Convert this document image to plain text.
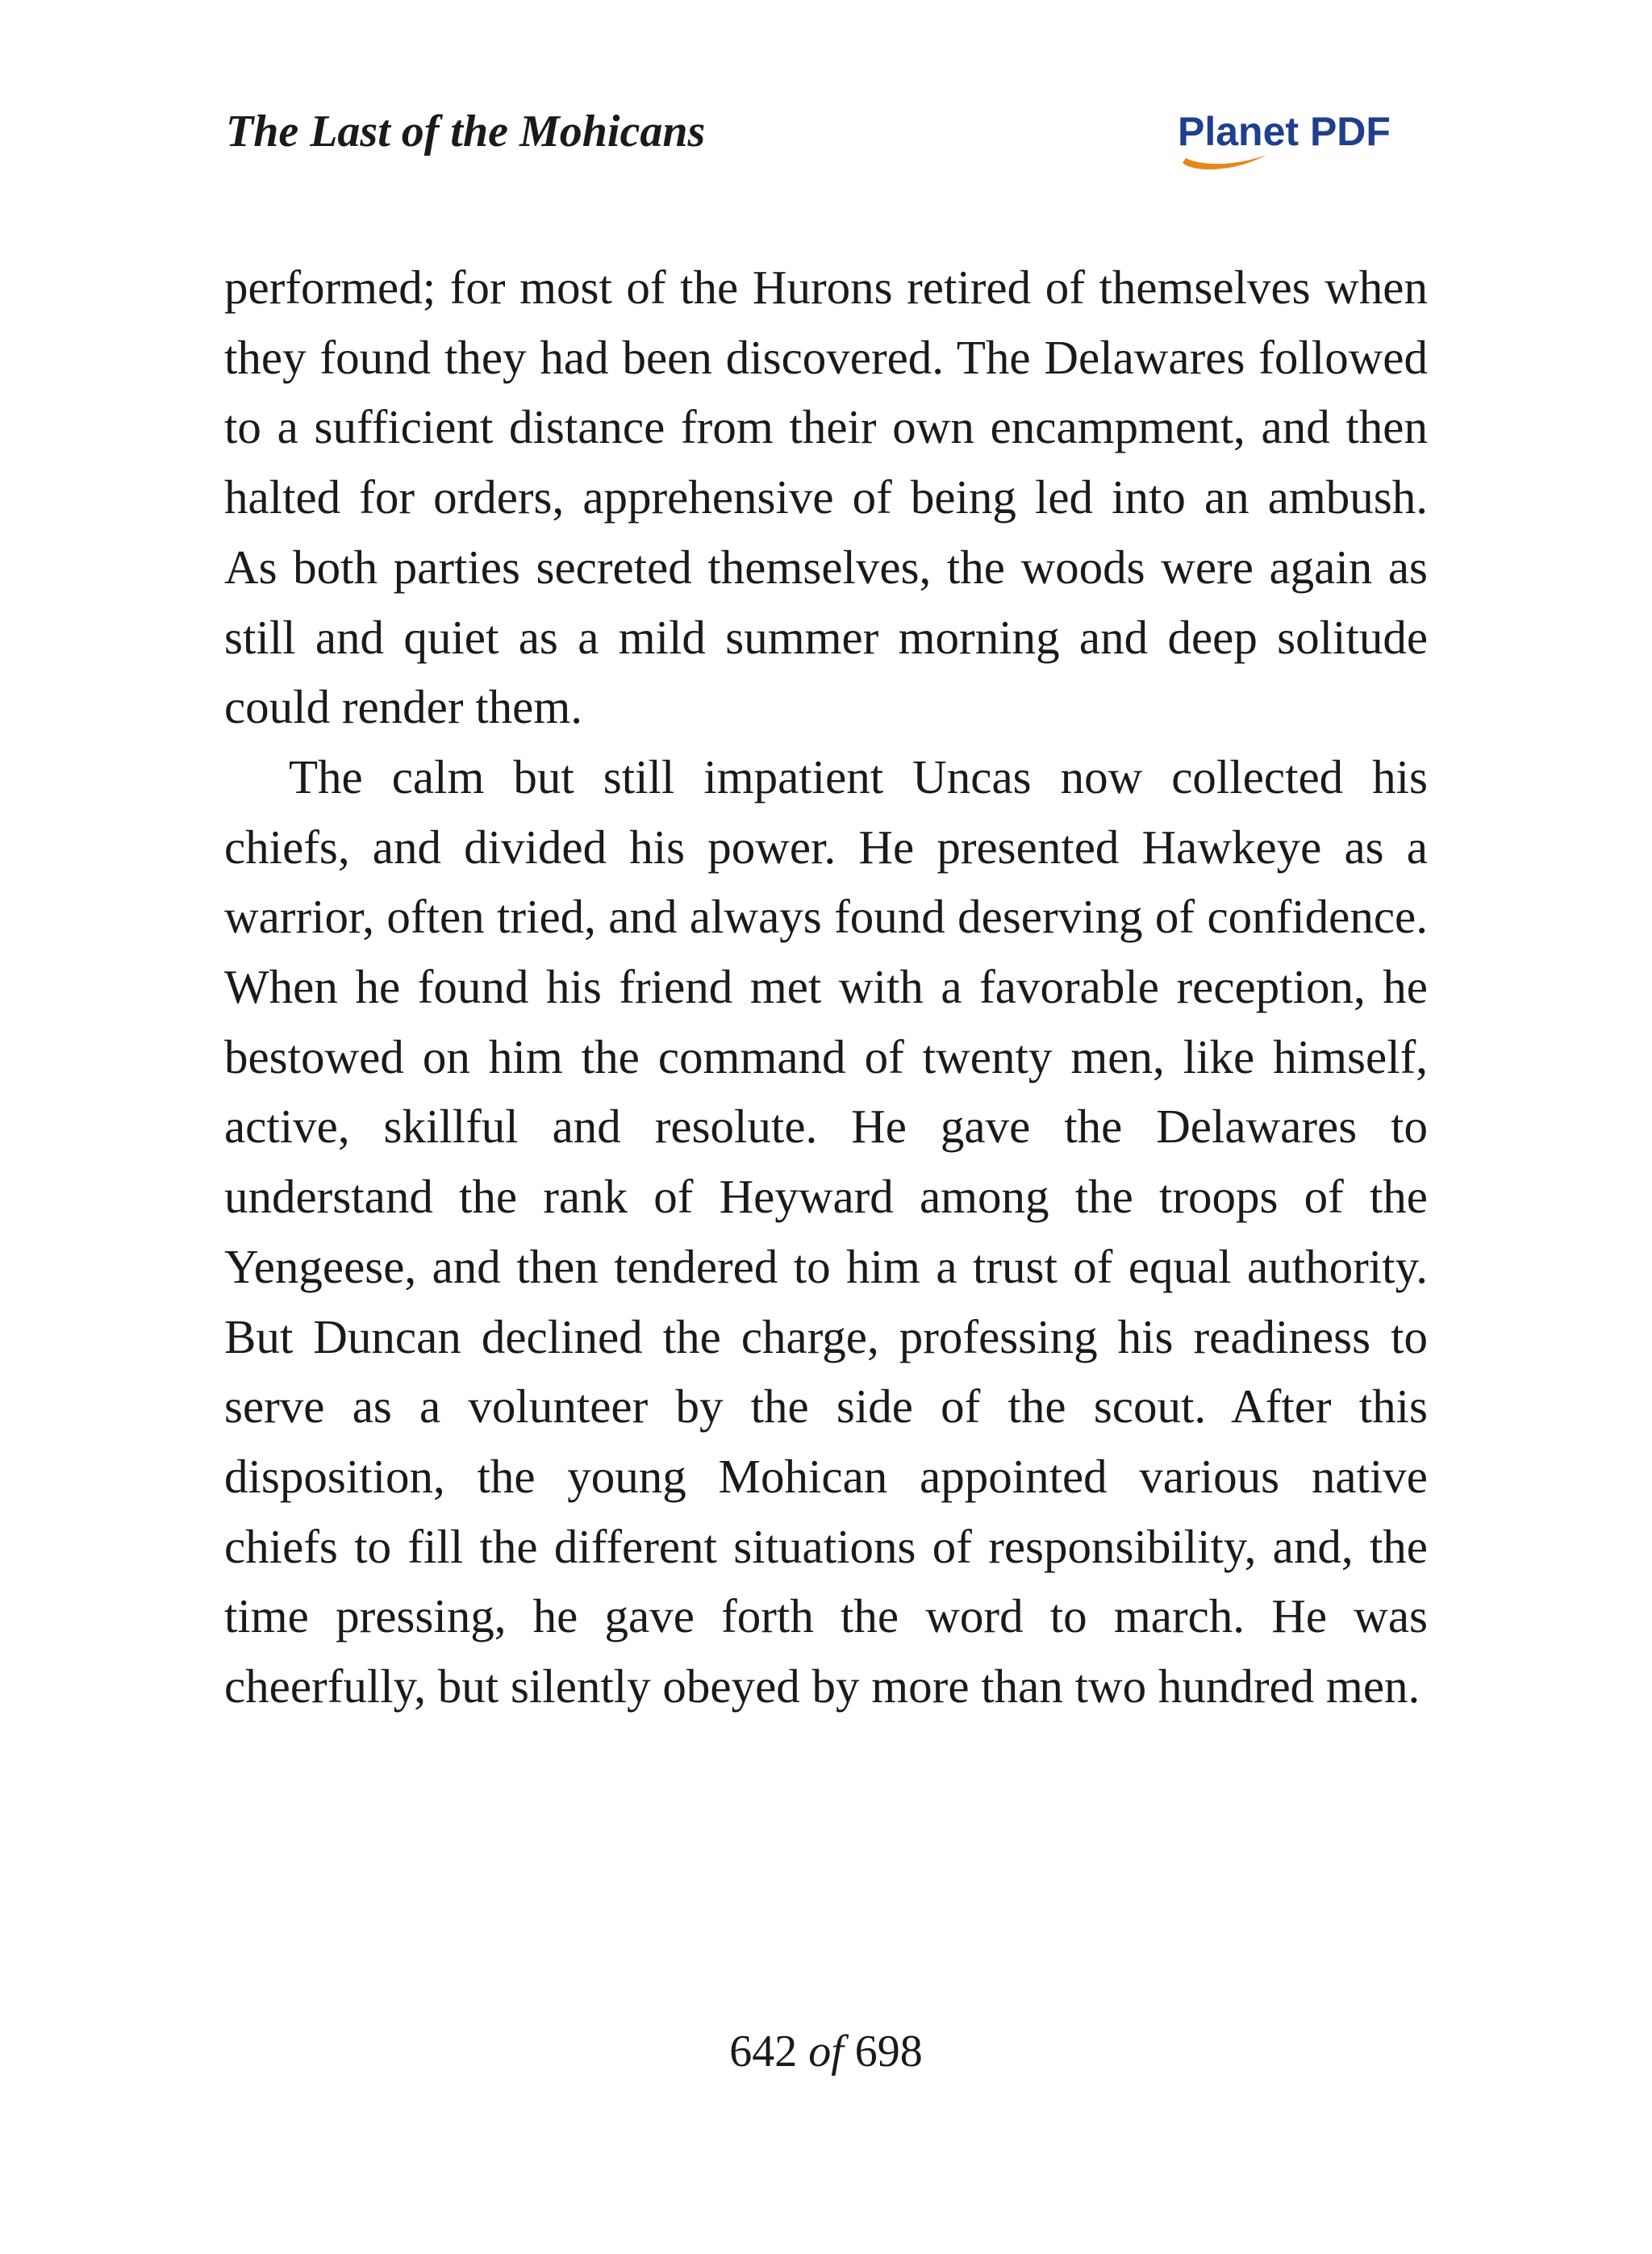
The Last of the Mohicans	Planet PDF

performed; for most of the Hurons retired of themselves when they found they had been discovered. The Delawares followed to a sufficient distance from their own encampment, and then halted for orders, apprehensive of being led into an ambush. As both parties secreted themselves, the woods were again as still and quiet as a mild summer morning and deep solitude could render them.

The calm but still impatient Uncas now collected his chiefs, and divided his power. He presented Hawkeye as a warrior, often tried, and always found deserving of confidence. When he found his friend met with a favorable reception, he bestowed on him the command of twenty men, like himself, active, skillful and resolute. He gave the Delawares to understand the rank of Heyward among the troops of the Yengeese, and then tendered to him a trust of equal authority. But Duncan declined the charge, professing his readiness to serve as a volunteer by the side of the scout. After this disposition, the young Mohican appointed various native chiefs to fill the different situations of responsibility, and, the time pressing, he gave forth the word to march. He was cheerfully, but silently obeyed by more than two hundred men.

642 of 698
